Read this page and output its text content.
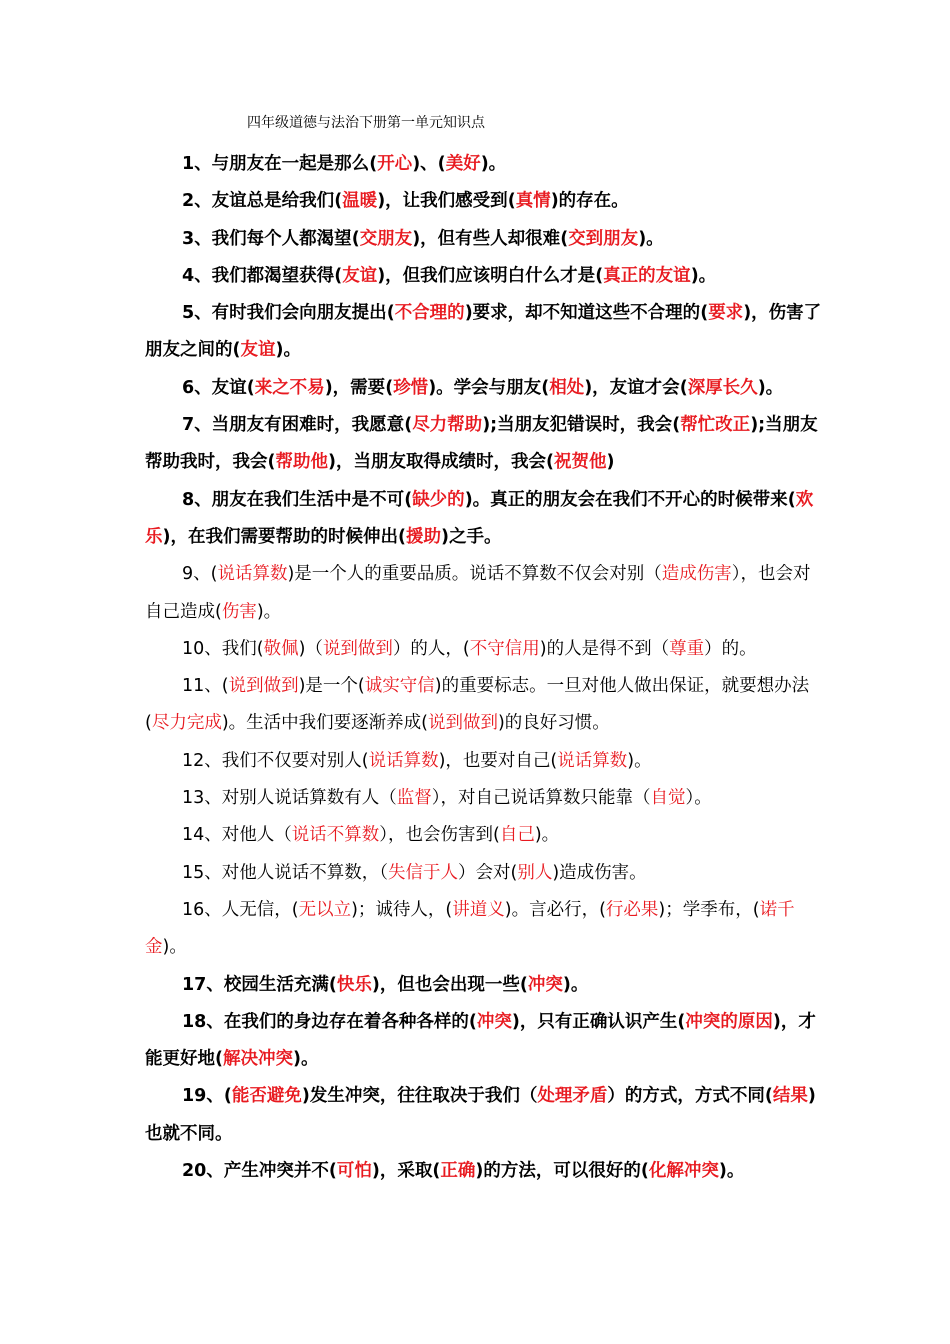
四年级道德与法治下册第一单元知识点

1、与朋友在一起是那么(开心)、(美好)。

2、友谊总是给我们(温暖)，让我们感受到(真情)的存在。

3、我们每个人都渴望(交朋友)，但有些人却很难(交到朋友)。

4、我们都渴望获得(友谊)，但我们应该明白什么才是(真正的友谊)。

5、有时我们会向朋友提出(不合理的)要求，却不知道这些不合理的(要求)，伤害了朋友之间的(友谊)。

6、友谊(来之不易)，需要(珍惜)。学会与朋友(相处)，友谊才会(深厚长久)。

7、当朋友有困难时，我愿意(尽力帮助);当朋友犯错误时，我会(帮忙改正);当朋友帮助我时，我会(帮助他)，当朋友取得成绩时，我会(祝贺他)

8、朋友在我们生活中是不可(缺少的)。真正的朋友会在我们不开心的时候带来(欢乐)，在我们需要帮助的时候伸出(援助)之手。

9、(说话算数)是一个人的重要品质。说话不算数不仅会对别（造成伤害），也会对自己造成(伤害)。

10、我们(敬佩)（说到做到）的人，(不守信用)的人是得不到（尊重）的。

11、(说到做到)是一个(诚实守信)的重要标志。一旦对他人做出保证，就要想办法(尽力完成)。生活中我们要逐渐养成(说到做到)的良好习惯。

12、我们不仅要对别人(说话算数)，也要对自己(说话算数)。

13、对别人说话算数有人（监督），对自己说话算数只能靠（自觉）。

14、对他人（说话不算数），也会伤害到(自己)。

15、对他人说话不算数，（失信于人）会对(别人)造成伤害。

16、人无信，(无以立)；诚待人，(讲道义)。言必行，(行必果)；学季布，(诺千金)。

17、校园生活充满(快乐)，但也会出现一些(冲突)。

18、在我们的身边存在着各种各样的(冲突)，只有正确认识产生(冲突的原因)，才能更好地(解决冲突)。

19、(能否避免)发生冲突，往往取决于我们（处理矛盾）的方式，方式不同(结果)也就不同。

20、产生冲突并不(可怕)，采取(正确)的方法，可以很好的(化解冲突)。
